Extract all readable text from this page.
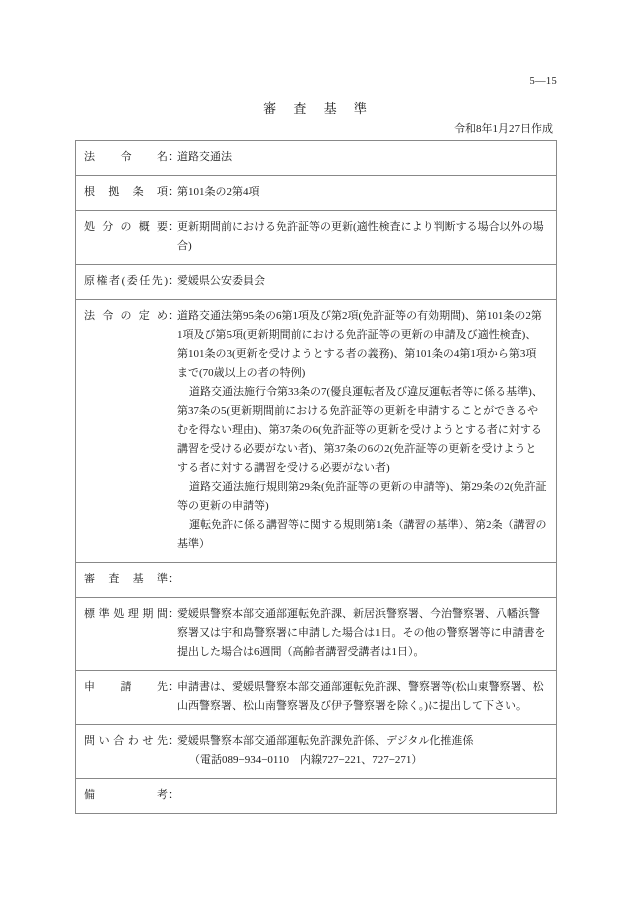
5—15
審 査 基 準
令和8年1月27日作成
法令名：

道路交通法

根拠条項：

第101条の2第4項

処分の概要：

更新期間前における免許証等の更新(適性検査により判断する場合以外の場合)

原権者(委任先)：

愛媛県公安委員会

法令の定め：

道路交通法第95条の6第1項及び第2項(免許証等の有効期間)、第101条の2第1項及び第5項(更新期間前における免許証等の更新の申請及び適性検査)、第101条の3(更新を受けようとする者の義務)、第101条の4第1項から第3項まで(70歳以上の者の特例)

道路交通法施行令第33条の7(優良運転者及び違反運転者等に係る基準)、第37条の5(更新期間前における免許証等の更新を申請することができるやむを得ない理由)、第37条の6(免許証等の更新を受けようとする者に対する講習を受ける必要がない者)、第37条の6の2(免許証等の更新を受けようとする者に対する講習を受ける必要がない者)

道路交通法施行規則第29条(免許証等の更新の申請等)、第29条の2(免許証等の更新の申請等)

運転免許に係る講習等に関する規則第1条（講習の基準）、第2条（講習の基準）

審査基準：

標準処理期間：

愛媛県警察本部交通部運転免許課、新居浜警察署、今治警察署、八幡浜警察署又は宇和島警察署に申請した場合は1日。その他の警察署等に申請書を提出した場合は6週間（高齢者講習受講者は1日）。

申請先：

申請書は、愛媛県警察本部交通部運転免許課、警察署等(松山東警察署、松山西警察署、松山南警察署及び伊予警察署を除く。)に提出して下さい。

問い合わせ先：

愛媛県警察本部交通部運転免許課免許係、デジタル化推進係

（電話089−934−0110　内線727−221、727−271）

備考：
